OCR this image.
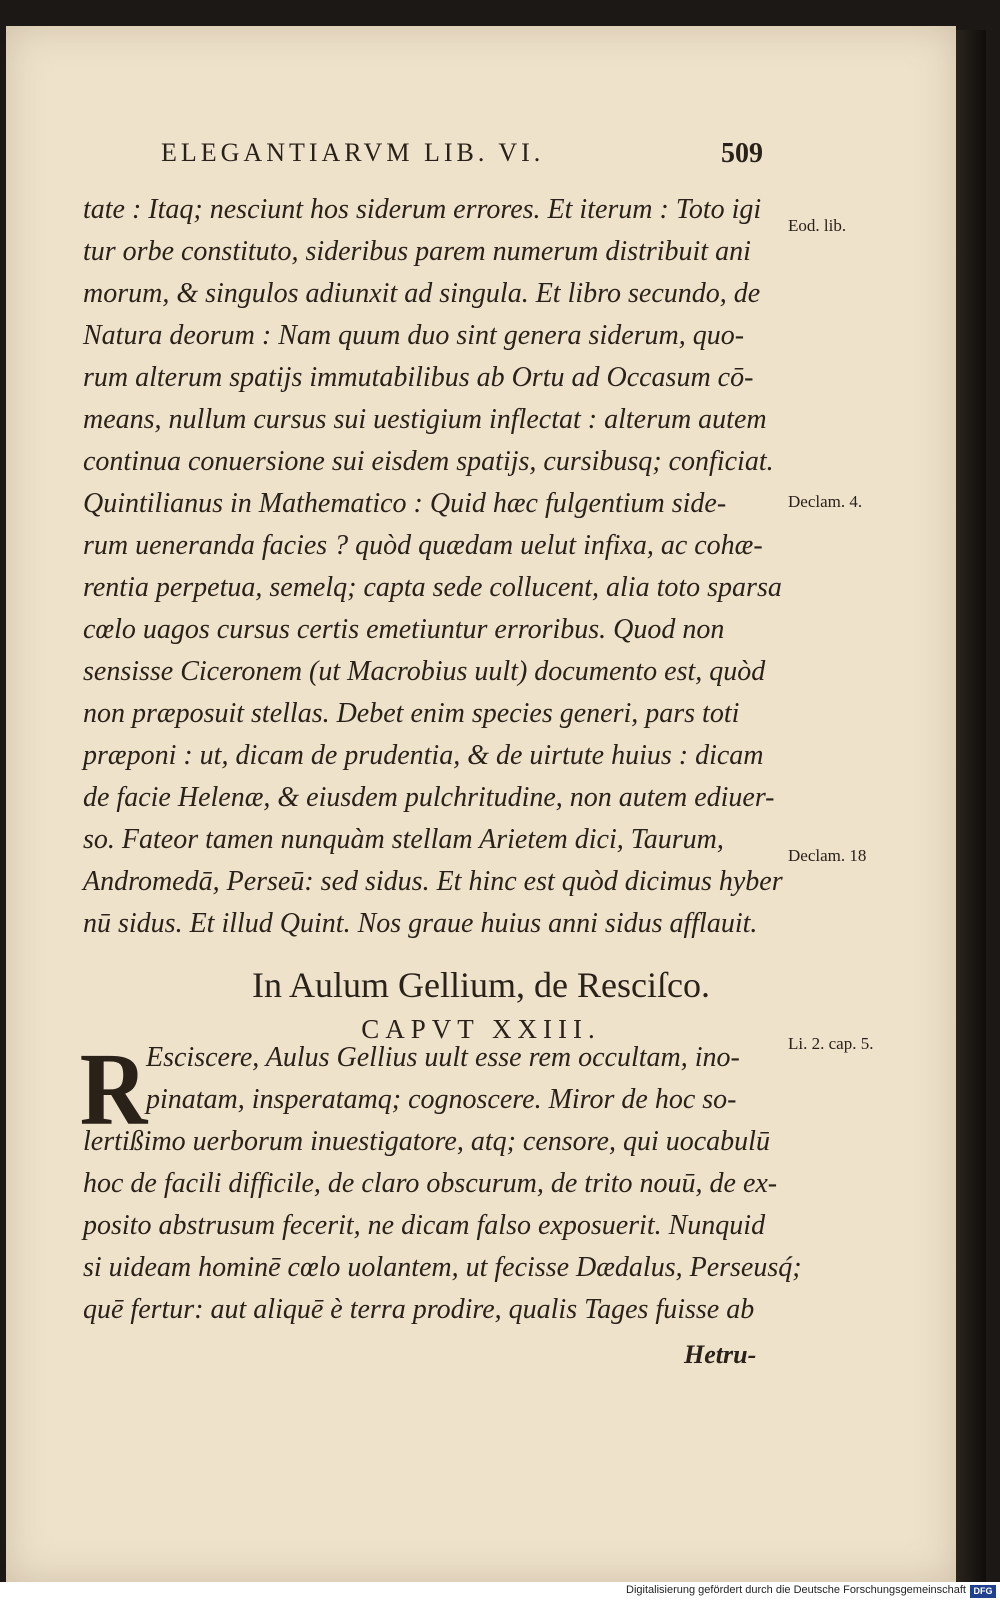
ELEGANTIARVM LIB. VI.	509
tate : Itaq; nesciunt hos siderum errores. Et iterum : Toto igi
tur orbe constituto, sideribus parem numerum distribuit ani
morum, & singulos adiunxit ad singula. Et libro secundo, de
Natura deorum : Nam quum duo sint genera siderum, quo-
rum alterum spatijs immutabilibus ab Ortu ad Occasum cō-
means, nullum cursus sui uestigium inflectat : alterum autem
continua conuersione sui eisdem spatijs, cursibusq; conficiat.
Quintilianus in Mathematico : Quid hæc fulgentium side-
rum ueneranda facies ? quòd quædam uelut infixa, ac cohæ-
rentia perpetua, semelq; capta sede collucent, alia toto sparsa
cœlo uagos cursus certis emetiuntur erroribus. Quod non
sensisse Ciceronem (ut Macrobius uult) documento est, quòd
non præposuit stellas. Debet enim species generi, pars toti
præponi : ut, dicam de prudentia, & de uirtute huius : dicam
de facie Helenæ, & eiusdem pulchritudine, non autem ediuer-
so. Fateor tamen nunquàm stellam Arietem dici, Taurum,
Andromedā, Perseū: sed sidus. Et hinc est quòd dicimus hyber
nū sidus. Et illud Quint. Nos graue huius anni sidus afflauit.
In Aulum Gellium, de Resciſco.
CAPVT XXIII.
R
Esciscere, Aulus Gellius uult esse rem occultam, ino-
pinatam, insperatamq; cognoscere. Miror de hoc so-
lertißimo uerborum inuestigatore, atq; censore, qui uocabulū
hoc de facili difficile, de claro obscurum, de trito nouū, de ex-
posito abstrusum fecerit, ne dicam falso exposuerit. Nunquid
si uideam hominē cœlo uolantem, ut fecisse Dædalus, Perseusq́;
quē fertur: aut aliquē è terra prodire, qualis Tages fuisse ab
Hetru-
Eod. lib.
Declam. 4.
Declam. 18
Li. 2. cap. 5.
Digitalisierung gefördert durch die Deutsche Forschungsgemeinschaft DFG
